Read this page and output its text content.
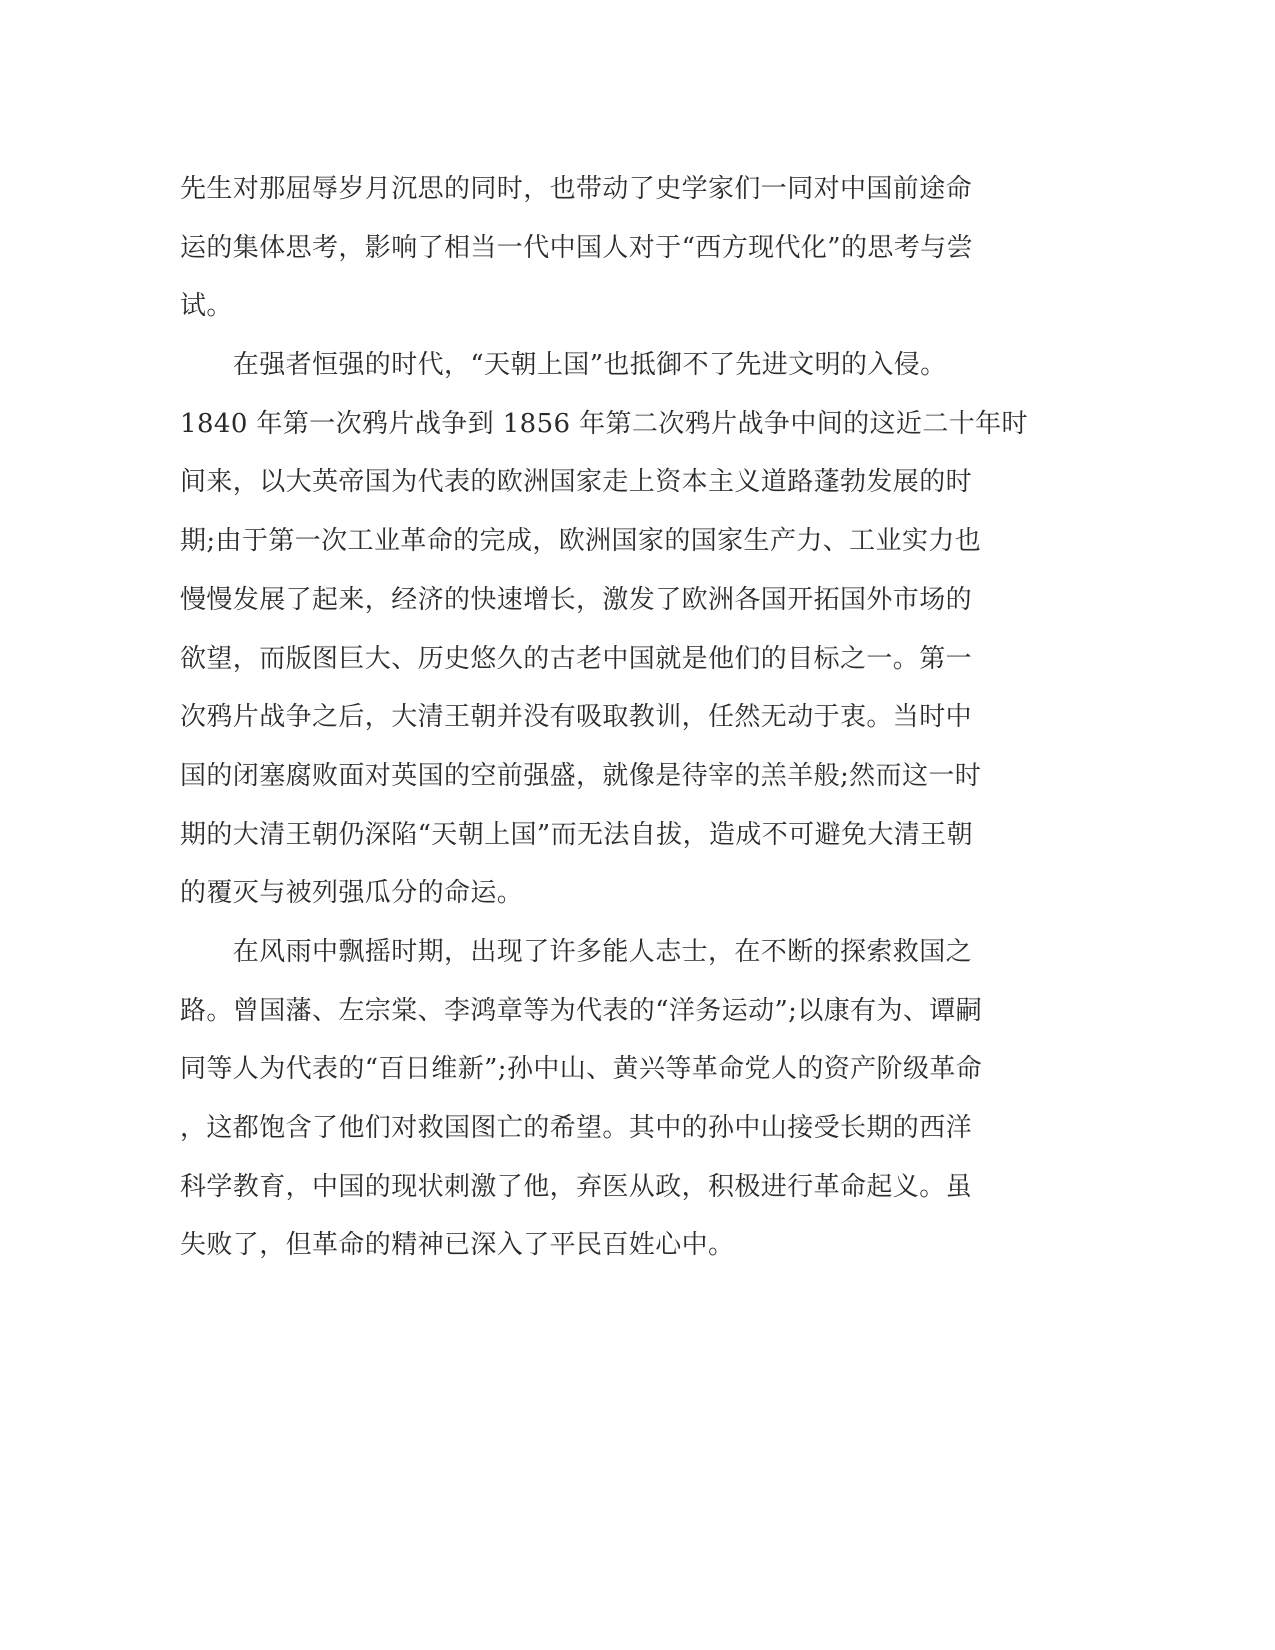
先生对那屈辱岁月沉思的同时，也带动了史学家们一同对中国前途命
运的集体思考，影响了相当一代中国人对于“西方现代化”的思考与尝
试。
　　在强者恒强的时代，“天朝上国”也抵御不了先进文明的入侵。
1840 年第一次鸦片战争到 1856 年第二次鸦片战争中间的这近二十年时
间来，以大英帝国为代表的欧洲国家走上资本主义道路蓬勃发展的时
期;由于第一次工业革命的完成，欧洲国家的国家生产力、工业实力也
慢慢发展了起来，经济的快速增长，激发了欧洲各国开拓国外市场的
欲望，而版图巨大、历史悠久的古老中国就是他们的目标之一。第一
次鸦片战争之后，大清王朝并没有吸取教训，任然无动于衷。当时中
国的闭塞腐败面对英国的空前强盛，就像是待宰的羔羊般;然而这一时
期的大清王朝仍深陷“天朝上国”而无法自拔，造成不可避免大清王朝
的覆灭与被列强瓜分的命运。
　　在风雨中飘摇时期，出现了许多能人志士，在不断的探索救国之
路。曾国藩、左宗棠、李鸿章等为代表的“洋务运动”;以康有为、谭嗣
同等人为代表的“百日维新”;孙中山、黄兴等革命党人的资产阶级革命
，这都饱含了他们对救国图亡的希望。其中的孙中山接受长期的西洋
科学教育，中国的现状刺激了他，弃医从政，积极进行革命起义。虽
失败了，但革命的精神已深入了平民百姓心中。
